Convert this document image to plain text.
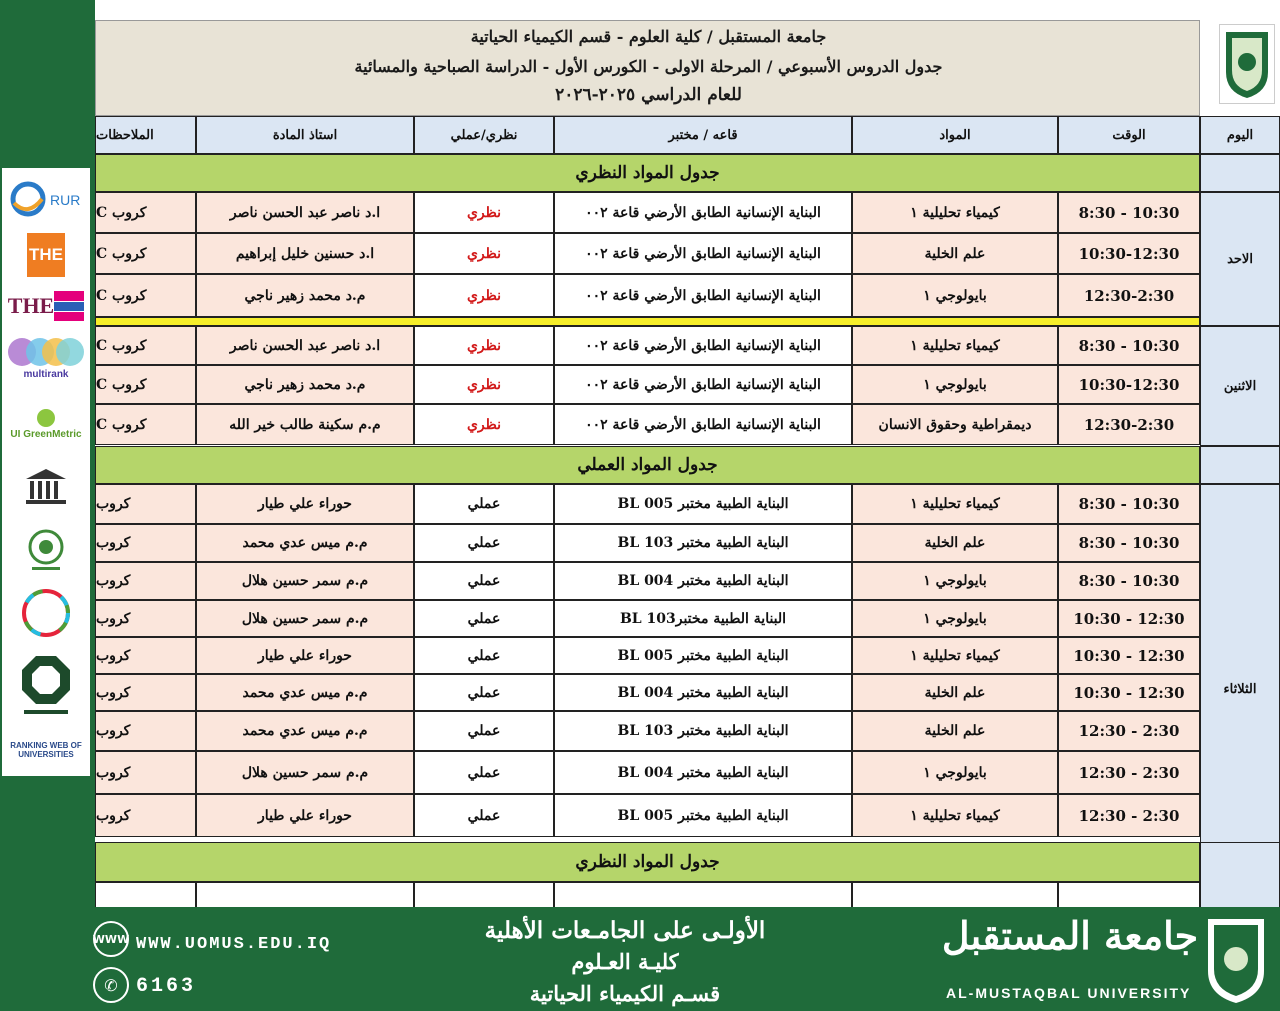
RUR
THE
THE
multirank
UI GreenMetric
RANKING WEB OF UNIVERSITIES
جامعة المستقبل / كلية العلوم - قسم الكيمياء الحياتية
جدول الدروس الأسبوعي / المرحلة الاولى - الكورس الأول - الدراسة الصباحية والمسائية
للعام الدراسي ٢٠٢٥-٢٠٢٦
الملاحظات	استاذ المادة	نظري/عملي	قاعه / مختبر	المواد	الوقت	اليوم
جدول المواد النظري
كروب C	ا.د ناصر عبد الحسن ناصر	نظري	البناية الإنسانية الطابق الأرضي قاعة ٠٠٢	كيمياء تحليلية ١	8:30 - 10:30
كروب C	ا.د حسنين خليل إبراهيم	نظري	البناية الإنسانية الطابق الأرضي قاعة ٠٠٢	علم الخلية	10:30-12:30
كروب C	م.د محمد زهير ناجي	نظري	البناية الإنسانية الطابق الأرضي قاعة ٠٠٢	بايولوجي ١	12:30-2:30
الاحد
كروب C	ا.د ناصر عبد الحسن ناصر	نظري	البناية الإنسانية الطابق الأرضي قاعة ٠٠٢	كيمياء تحليلية ١	8:30 - 10:30
كروب C	م.د محمد زهير ناجي	نظري	البناية الإنسانية الطابق الأرضي قاعة ٠٠٢	بايولوجي ١	10:30-12:30
كروب C	م.م سكينة طالب خير الله	نظري	البناية الإنسانية الطابق الأرضي قاعة ٠٠٢	ديمقراطية وحقوق الانسان	12:30-2:30
الاثنين
جدول المواد العملي
كروب	حوراء علي طيار	عملي	البناية الطبية مختبر BL 005	كيمياء تحليلية ١	8:30 - 10:30
كروب	م.م ميس عدي محمد	عملي	البناية الطبية مختبر BL 103	علم الخلية	8:30 - 10:30
كروب	م.م سمر حسين هلال	عملي	البناية الطبية مختبر BL 004	بايولوجي ١	8:30 - 10:30
كروب	م.م سمر حسين هلال	عملي	البناية الطبية مختبرBL 103	بايولوجي ١	10:30 - 12:30
كروب	حوراء علي طيار	عملي	البناية الطبية مختبر BL 005	كيمياء تحليلية ١	10:30 - 12:30
كروب	م.م ميس عدي محمد	عملي	البناية الطبية مختبر BL 004	علم الخلية	10:30 - 12:30
كروب	م.م ميس عدي محمد	عملي	البناية الطبية مختبر BL 103	علم الخلية	12:30 - 2:30
كروب	م.م سمر حسين هلال	عملي	البناية الطبية مختبر BL 004	بايولوجي ١	12:30 - 2:30
كروب	حوراء علي طيار	عملي	البناية الطبية مختبر BL 005	كيمياء تحليلية ١	12:30 - 2:30
الثلاثاء
جدول المواد النظري
WWW WWW.UOMUS.EDU.IQ
✆ 6163
الأولـى على الجامـعات الأهلية
كليـة العـلوم
قسـم الكيمياء الحياتية
جامعة المستقبل
AL-MUSTAQBAL UNIVERSITY
